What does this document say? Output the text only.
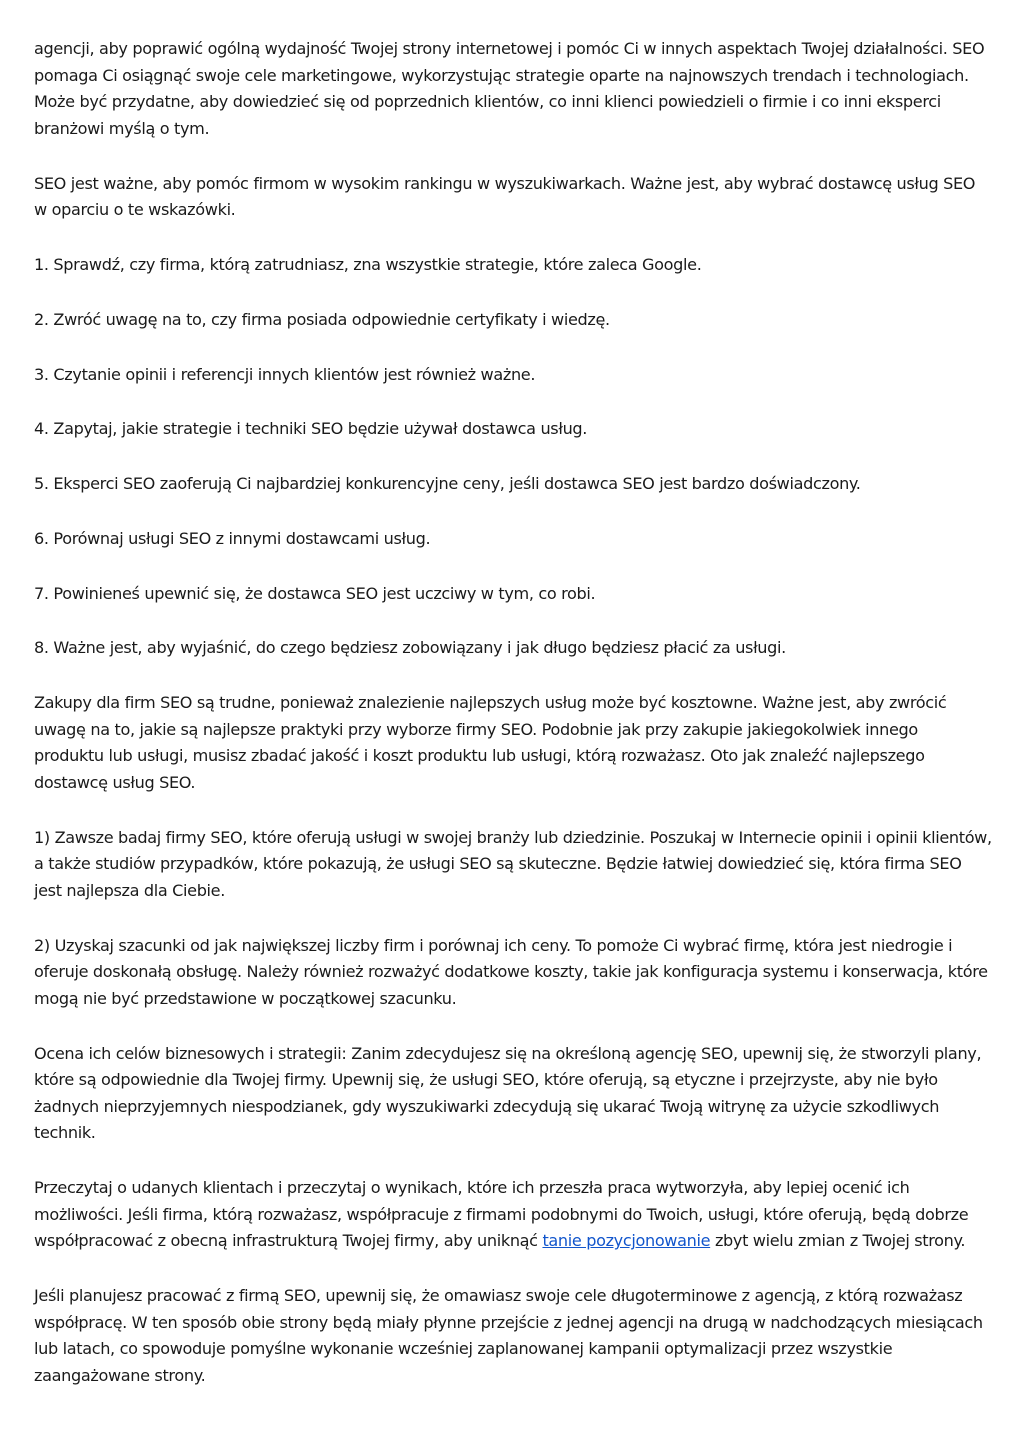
agencji, aby poprawić ogólną wydajność Twojej strony internetowej i pomóc Ci w innych aspektach Twojej działalności. SEO pomaga Ci osiągnąć swoje cele marketingowe, wykorzystując strategie oparte na najnowszych trendach i technologiach. Może być przydatne, aby dowiedzieć się od poprzednich klientów, co inni klienci powiedzieli o firmie i co inni eksperci branżowi myślą o tym.

SEO jest ważne, aby pomóc firmom w wysokim rankingu w wyszukiwarkach. Ważne jest, aby wybrać dostawcę usług SEO w oparciu o te wskazówki.

1. Sprawdź, czy firma, którą zatrudniasz, zna wszystkie strategie, które zaleca Google.

2. Zwróć uwagę na to, czy firma posiada odpowiednie certyfikaty i wiedzę.

3. Czytanie opinii i referencji innych klientów jest również ważne.

4. Zapytaj, jakie strategie i techniki SEO będzie używał dostawca usług.

5. Eksperci SEO zaoferują Ci najbardziej konkurencyjne ceny, jeśli dostawca SEO jest bardzo doświadczony.

6. Porównaj usługi SEO z innymi dostawcami usług.

7. Powinieneś upewnić się, że dostawca SEO jest uczciwy w tym, co robi.

8. Ważne jest, aby wyjaśnić, do czego będziesz zobowiązany i jak długo będziesz płacić za usługi.

Zakupy dla firm SEO są trudne, ponieważ znalezienie najlepszych usług może być kosztowne. Ważne jest, aby zwrócić uwagę na to, jakie są najlepsze praktyki przy wyborze firmy SEO. Podobnie jak przy zakupie jakiegokolwiek innego produktu lub usługi, musisz zbadać jakość i koszt produktu lub usługi, którą rozważasz. Oto jak znaleźć najlepszego dostawcę usług SEO.

1) Zawsze badaj firmy SEO, które oferują usługi w swojej branży lub dziedzinie. Poszukaj w Internecie opinii i opinii klientów, a także studiów przypadków, które pokazują, że usługi SEO są skuteczne. Będzie łatwiej dowiedzieć się, która firma SEO jest najlepsza dla Ciebie.

2) Uzyskaj szacunki od jak największej liczby firm i porównaj ich ceny. To pomoże Ci wybrać firmę, która jest niedrogie i oferuje doskonałą obsługę. Należy również rozważyć dodatkowe koszty, takie jak konfiguracja systemu i konserwacja, które mogą nie być przedstawione w początkowej szacunku.

Ocena ich celów biznesowych i strategii: Zanim zdecydujesz się na określoną agencję SEO, upewnij się, że stworzyli plany, które są odpowiednie dla Twojej firmy. Upewnij się, że usługi SEO, które oferują, są etyczne i przejrzyste, aby nie było żadnych nieprzyjemnych niespodzianek, gdy wyszukiwarki zdecydują się ukarać Twoją witrynę za użycie szkodliwych technik.

Przeczytaj o udanych klientach i przeczytaj o wynikach, które ich przeszła praca wytworzyła, aby lepiej ocenić ich możliwości. Jeśli firma, którą rozważasz, współpracuje z firmami podobnymi do Twoich, usługi, które oferują, będą dobrze współpracować z obecną infrastrukturą Twojej firmy, aby uniknąć tanie pozycjonowanie zbyt wielu zmian z Twojej strony.

Jeśli planujesz pracować z firmą SEO, upewnij się, że omawiasz swoje cele długoterminowe z agencją, z którą rozważasz współpracę. W ten sposób obie strony będą miały płynne przejście z jednej agencji na drugą w nadchodzących miesiącach lub latach, co spowoduje pomyślne wykonanie wcześniej zaplanowanej kampanii optymalizacji przez wszystkie zaangażowane strony.
